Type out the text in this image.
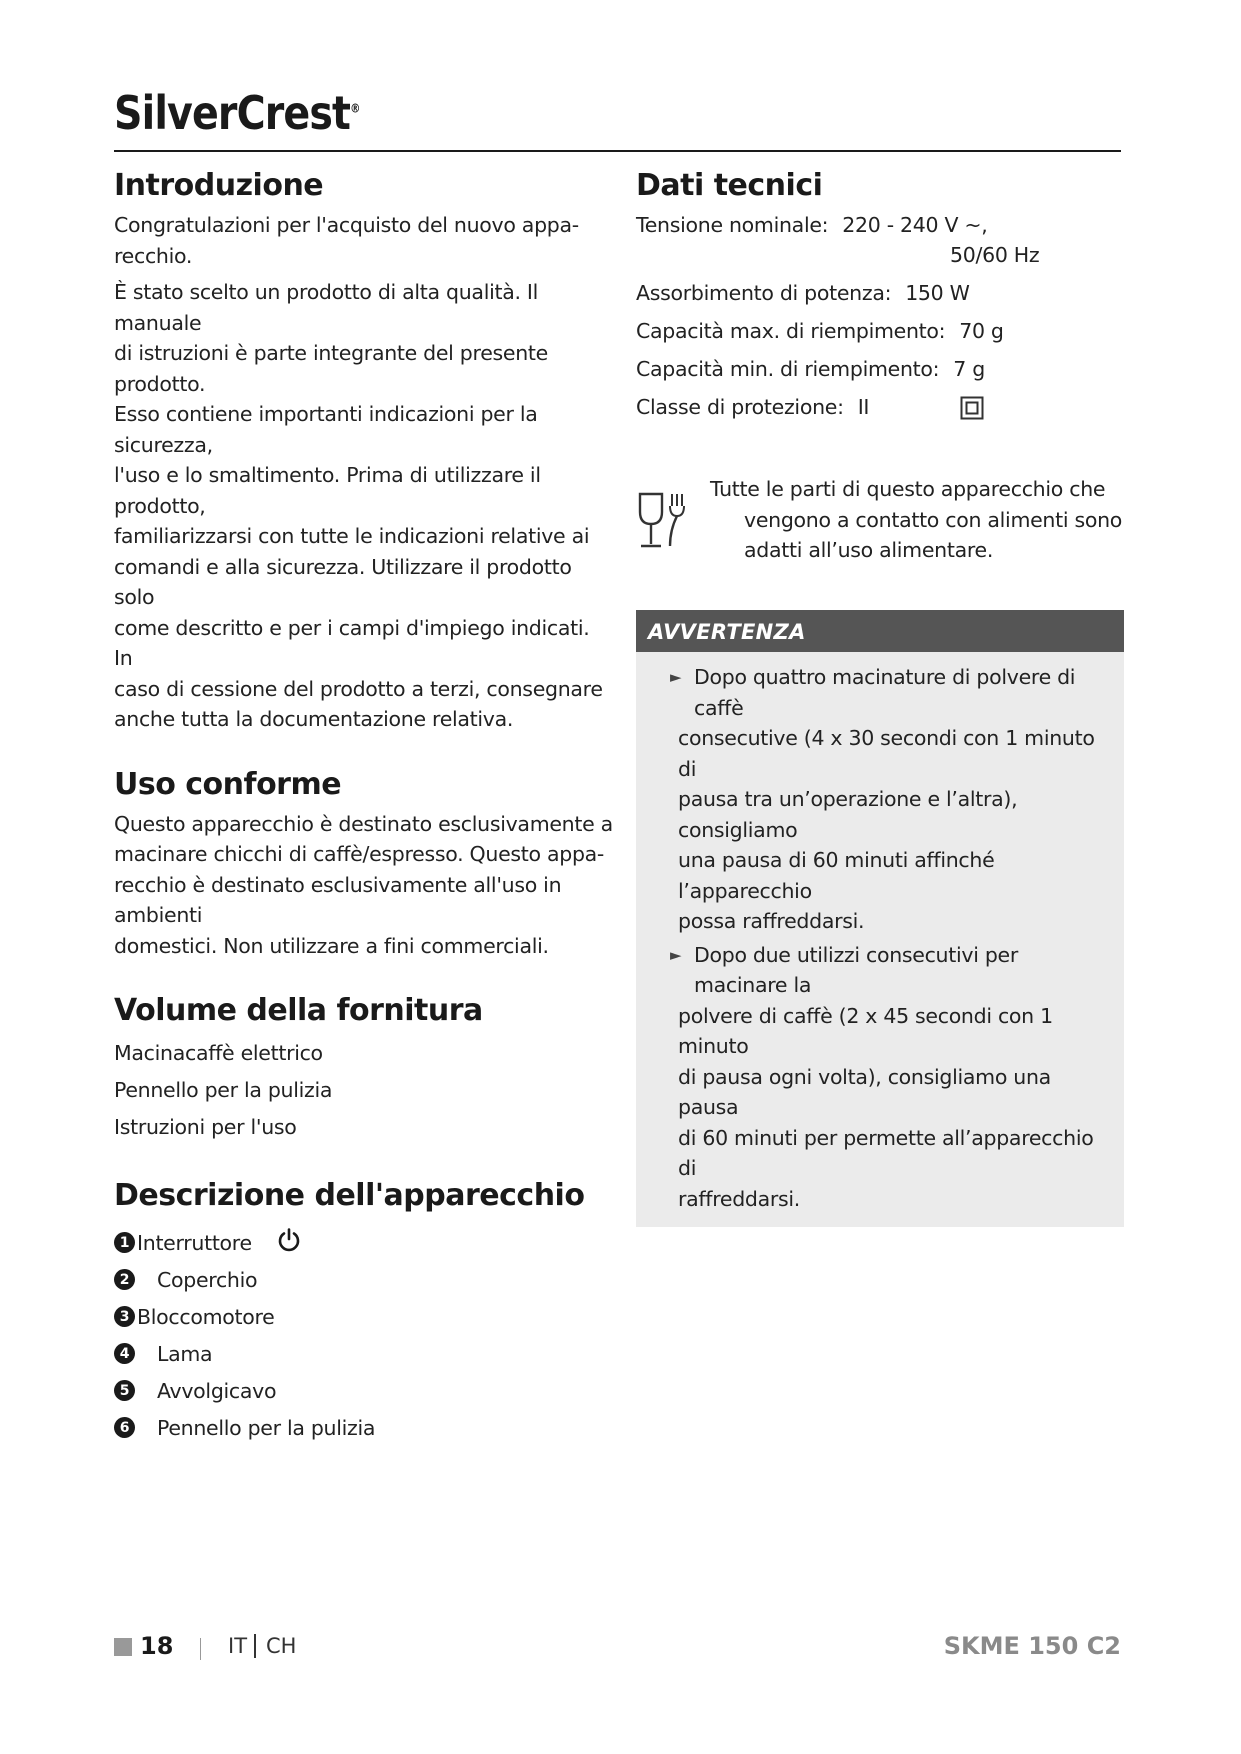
SilverCrest®
Introduzione

Congratulazioni per l'acquisto del nuovo appa-

recchio.

È stato scelto un prodotto di alta qualità. Il manuale

di istruzioni è parte integrante del presente prodotto.

Esso contiene importanti indicazioni per la sicurezza,

l'uso e lo smaltimento. Prima di utilizzare il prodotto,

familiarizzarsi con tutte le indicazioni relative ai

comandi e alla sicurezza. Utilizzare il prodotto solo

come descritto e per i campi d'impiego indicati. In

caso di cessione del prodotto a terzi, consegnare

anche tutta la documentazione relativa.

Uso conforme

Questo apparecchio è destinato esclusivamente a

macinare chicchi di caffè/espresso. Questo appa-

recchio è destinato esclusivamente all'uso in ambienti

domestici. Non utilizzare a fini commerciali.

Volume della fornitura
Macinacaffè elettrico
Pennello per la pulizia
Istruzioni per l'uso
Descrizione dell'apparecchio
1 Interruttore
2 Coperchio
3 Bloccomotore
4 Lama
5 Avvolgicavo
6 Pennello per la pulizia
Dati tecnici
Tensione nominale: 220 - 240 V ~,
50/60 Hz
Assorbimento di potenza: 150 W
Capacità max. di riempimento: 70 g
Capacità min. di riempimento: 7 g
Classe di protezione: II
Tutte le parti di questo apparecchio che
vengono a contatto con alimenti sono
adatti all’uso alimentare.
AVVERTENZA
► Dopo quattro macinature di polvere di caffè
consecutive (4 x 30 secondi con 1 minuto di
pausa tra un’operazione e l’altra), consigliamo
una pausa di 60 minuti affinché l’apparecchio
possa raffreddarsi.
► Dopo due utilizzi consecutivi per macinare la
polvere di caffè (2 x 45 secondi con 1 minuto
di pausa ogni volta), consigliamo una pausa
di 60 minuti per permette all’apparecchio di
raffreddarsi.
18	IT CH	SKME 150 C2
